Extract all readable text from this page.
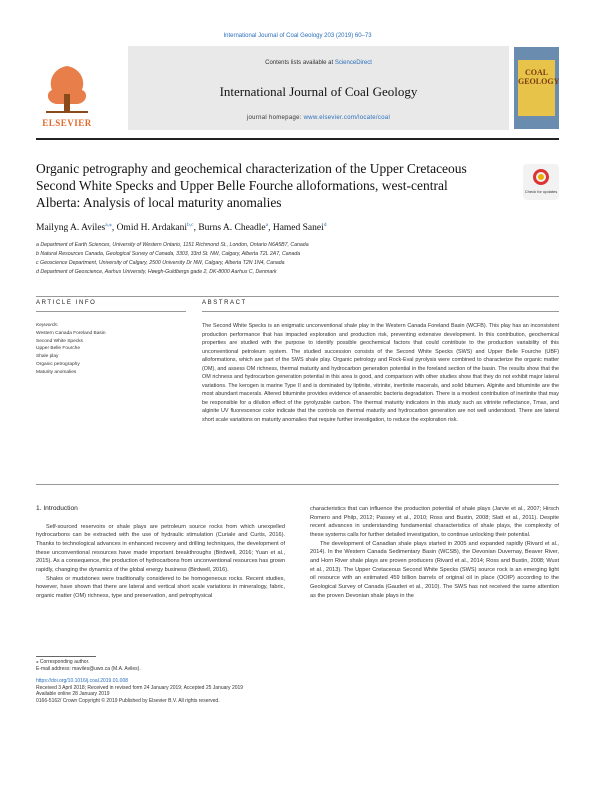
International Journal of Coal Geology 203 (2019) 60–73
ELSEVIER
Contents lists available at ScienceDirect
International Journal of Coal Geology
journal homepage: www.elsevier.com/locate/coal
COAL GEOLOGY
Organic petrography and geochemical characterization of the Upper Cretaceous Second White Specks and Upper Belle Fourche alloformations, west-central Alberta: Analysis of local maturity anomalies
Check for updates
Mailyng A. Aviles$^{a,⁎}$, Omid H. Ardakani$^{b,c}$, Burns A. Cheadle$^a$, Hamed Sanei$^d$
a Department of Earth Sciences, University of Western Ontario, 1151 Richmond St., London, Ontario N6A5B7, Canada
b Natural Resources Canada, Geological Survey of Canada, 3303, 33rd St. NW, Calgary, Alberta T2L 2A7, Canada
c Geoscience Department, University of Calgary, 2500 University Dr NW, Calgary, Alberta T2N 1N4, Canada
d Department of Geoscience, Aarhus University, Høegh-Guldbergs gade 2, DK-8000 Aarhus C, Denmark
ARTICLE INFO	ABSTRACT
Keywords:
Western Canada Foreland Basin
Second White Specks
Upper Belle Fourche
Shale play
Organic petrography
Maturity anomalies
The Second White Specks is an enigmatic unconventional shale play in the Western Canada Foreland Basin (WCFB). This play has an inconsistent production performance that has impacted exploration and production risk, preventing extensive development. In this contribution, geochemical properties are studied with the purpose to identify possible geochemical factors that could contribute to the production variability of this unconventional petroleum system. The studied succession consists of the Second White Specks (SWS) and Upper Belle Fourche (UBF) alloformations, which are part of the SWS shale play. Organic petrology and Rock-Eval pyrolysis were combined to characterize the organic matter (OM), and assess OM richness, thermal maturity and hydrocarbon generation potential in the foreland section of the basin. The results show that the OM richness and hydrocarbon generation potential in this area is good, and comparison with other studies show that they do not exhibit major lateral variations. The kerogen is marine Type II and is dominated by liptinite, vitrinite, inertinite macerals, and solid bitumen. Alginite and bituminite are the most abundant macerals. Altered bituminite provides evidence of anaerobic bacteria degradation. There is a modest contribution of inertinite that may be responsible for a dilution effect of the pyrolyzable carbon. The thermal maturity indicators in this study such as vitrinite reflectance, Tmax, and alginite UV fluorescence color indicate that the controls on thermal maturity and hydrocarbon generation are not well understood. There are lateral short scale variations on maturity anomalies that require further investigation, to reduce the exploration risk.
1. Introduction

Self-sourced reservoirs or shale plays are petroleum source rocks from which unexpelled hydrocarbons can be extracted with the use of hydraulic stimulation (Curiale and Curtis, 2016). Thanks to technological advances in enhanced recovery and drilling techniques, the development of these unconventional resources have made important breakthroughs (Birdwell, 2016; Yuan et al., 2015). As a consequence, the production of hydrocarbons from unconventional resources has grown rapidly, changing the dynamics of the global energy business (Birdwell, 2016).

Shales or mudstones were traditionally considered to be homogeneous rocks. Recent studies, however, have shown that there are lateral and vertical short scale variations in mineralogy, fabric, organic matter (OM) richness, type and preservation, and petrophysical

characteristics that can influence the production potential of shale plays (Jarvie et al., 2007; Hirsch Romero and Philp, 2012; Passey et al., 2010; Ross and Bustin, 2008; Slatt et al., 2011). Despite recent advances in understanding fundamental characteristics of shale plays, the complexity of these systems calls for further detailed investigation, to continue unlocking their potential.

The development of Canadian shale plays started in 2005 and expanded rapidly (Rivard et al., 2014). In the Western Canada Sedimentary Basin (WCSB), the Devonian Duvernay, Beaver River, and Horn River shale plays are proven producers (Rivard et al., 2014; Ross and Bustin, 2008; Wust et al., 2013). The Upper Cretaceous Second White Specks (SWS) source rock is an emerging light oil resource with an estimated 459 billion barrels of original oil in place (OOIP) according to the Geological Survey of Canada (Gauderi et al., 2010). The SWS has not received the same attention as the proven Devonian shale plays in the

⁎ Corresponding author.
E-mail address: maviles@uwo.ca (M.A. Aviles).
https://doi.org/10.1016/j.coal.2019.01.008
Received 3 April 2018; Received in revised form 24 January 2019; Accepted 25 January 2019
Available online 28 January 2019
0166-5162/ Crown Copyright © 2019 Published by Elsevier B.V. All rights reserved.
